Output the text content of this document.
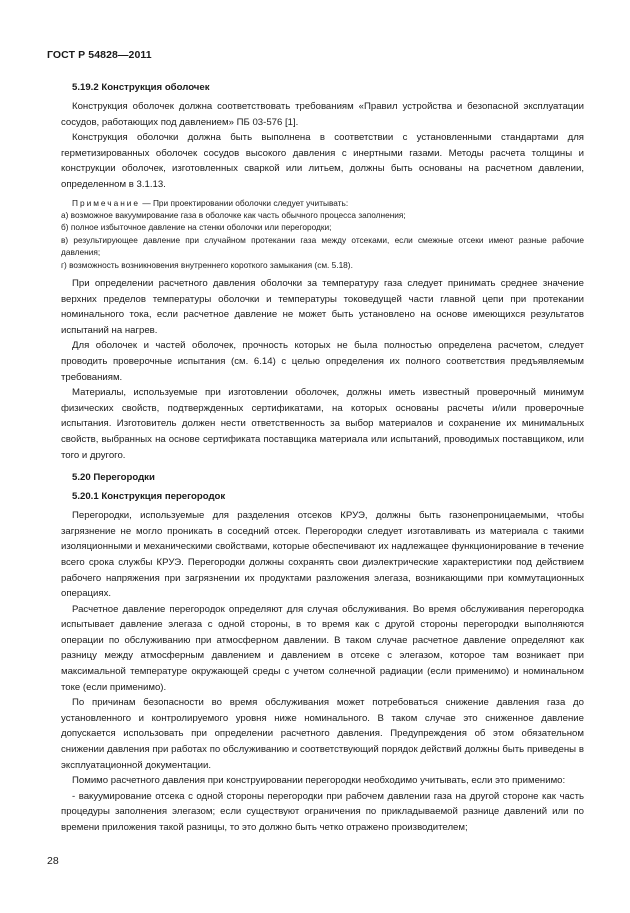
ГОСТ Р 54828—2011
5.19.2 Конструкция оболочек

Конструкция оболочек должна соответствовать требованиям «Правил устройства и безопасной эксплуатации сосудов, работающих под давлением» ПБ 03-576 [1].

Конструкция оболочки должна быть выполнена в соответствии с установленными стандартами для герметизированных оболочек сосудов высокого давления с инертными газами. Методы расчета толщины и конструкции оболочек, изготовленных сваркой или литьем, должны быть основаны на расчетном давлении, определенном в 3.1.13.

Примечание — При проектировании оболочки следует учитывать:

а) возможное вакуумирование газа в оболочке как часть обычного процесса заполнения;

б) полное избыточное давление на стенки оболочки или перегородки;

в) результирующее давление при случайном протекании газа между отсеками, если смежные отсеки имеют разные рабочие давления;

г) возможность возникновения внутреннего короткого замыкания (см. 5.18).

При определении расчетного давления оболочки за температуру газа следует принимать среднее значение верхних пределов температуры оболочки и температуры токоведущей части главной цепи при протекании номинального тока, если расчетное давление не может быть установлено на основе имеющихся результатов испытаний на нагрев.

Для оболочек и частей оболочек, прочность которых не была полностью определена расчетом, следует проводить проверочные испытания (см. 6.14) с целью определения их полного соответствия предъявляемым требованиям.

Материалы, используемые при изготовлении оболочек, должны иметь известный проверочный минимум физических свойств, подтвержденных сертификатами, на которых основаны расчеты и/или проверочные испытания. Изготовитель должен нести ответственность за выбор материалов и сохранение их минимальных свойств, выбранных на основе сертификата поставщика материала или испытаний, проводимых поставщиком, или того и другого.

5.20 Перегородки
5.20.1 Конструкция перегородок

Перегородки, используемые для разделения отсеков КРУЭ, должны быть газонепроницаемыми, чтобы загрязнение не могло проникать в соседний отсек. Перегородки следует изготавливать из материала с такими изоляционными и механическими свойствами, которые обеспечивают их надлежащее функционирование в течение всего срока службы КРУЭ. Перегородки должны сохранять свои диэлектрические характеристики под действием рабочего напряжения при загрязнении их продуктами разложения элегаза, возникающими при коммутационных операциях.

Расчетное давление перегородок определяют для случая обслуживания. Во время обслуживания перегородка испытывает давление элегаза с одной стороны, в то время как с другой стороны перегородки выполняются операции по обслуживанию при атмосферном давлении. В таком случае расчетное давление определяют как разницу между атмосферным давлением и давлением в отсеке с элегазом, которое там возникает при максимальной температуре окружающей среды с учетом солнечной радиации (если применимо) и номинальном токе (если применимо).

По причинам безопасности во время обслуживания может потребоваться снижение давления газа до установленного и контролируемого уровня ниже номинального. В таком случае это сниженное давление допускается использовать при определении расчетного давления. Предупреждения об этом обязательном снижении давления при работах по обслуживанию и соответствующий порядок действий должны быть приведены в эксплуатационной документации.

Помимо расчетного давления при конструировании перегородки необходимо учитывать, если это применимо:

- вакуумирование отсека с одной стороны перегородки при рабочем давлении газа на другой стороне как часть процедуры заполнения элегазом; если существуют ограничения по прикладываемой разнице давлений или по времени приложения такой разницы, то это должно быть четко отражено производителем;

28
